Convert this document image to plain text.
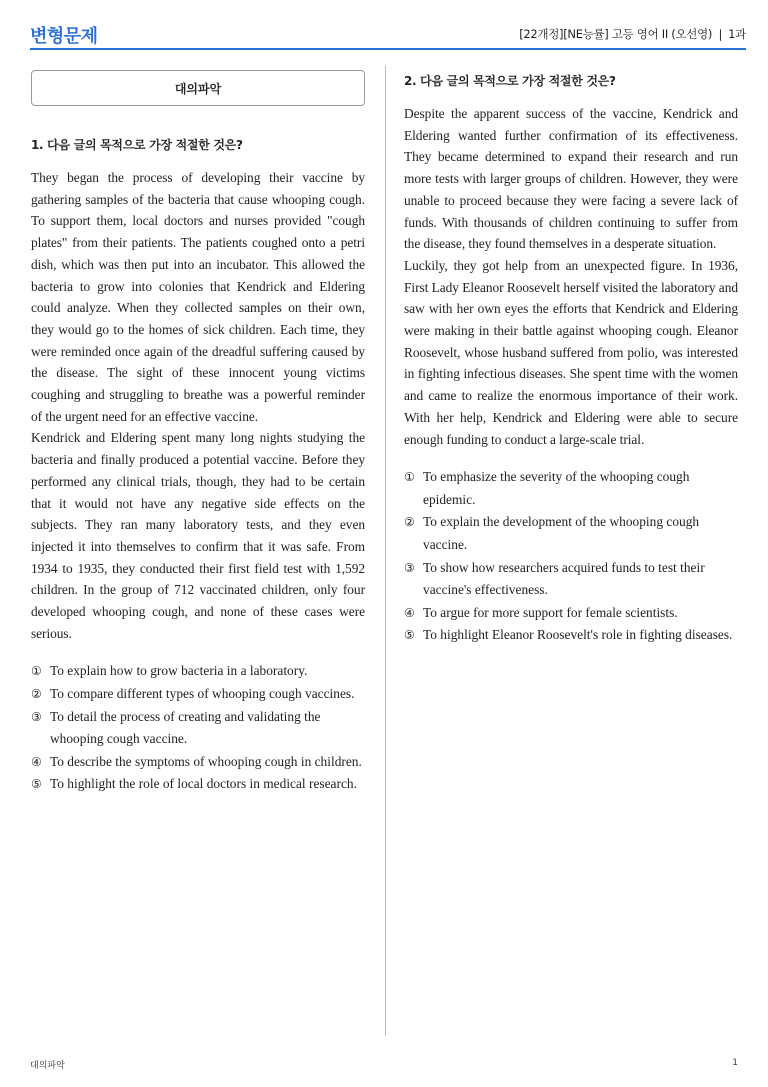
변형문제	[22개정][NE능률] 고등 영어 II (오선영) ❘ 1과
대의파악
1. 다음 글의 목적으로 가장 적절한 것은?

They began the process of developing their vaccine by gathering samples of the bacteria that cause whooping cough. To support them, local doctors and nurses provided "cough plates" from their patients. The patients coughed onto a petri dish, which was then put into an incubator. This allowed the bacteria to grow into colonies that Kendrick and Eldering could analyze. When they collected samples on their own, they would go to the homes of sick children. Each time, they were reminded once again of the dreadful suffering caused by the disease. The sight of these innocent young victims coughing and struggling to breathe was a powerful reminder of the urgent need for an effective vaccine.

Kendrick and Eldering spent many long nights studying the bacteria and finally produced a potential vaccine. Before they performed any clinical trials, though, they had to be certain that it would not have any negative side effects on the subjects. They ran many laboratory tests, and they even injected it into themselves to confirm that it was safe. From 1934 to 1935, they conducted their first field test with 1,592 children. In the group of 712 vaccinated children, only four developed whooping cough, and none of these cases were serious.

① To explain how to grow bacteria in a laboratory.
② To compare different types of whooping cough vaccines.
③ To detail the process of creating and validating the whooping cough vaccine.
④ To describe the symptoms of whooping cough in children.
⑤ To highlight the role of local doctors in medical research.
2. 다음 글의 목적으로 가장 적절한 것은?

Despite the apparent success of the vaccine, Kendrick and Eldering wanted further confirmation of its effectiveness. They became determined to expand their research and run more tests with larger groups of children. However, they were unable to proceed because they were facing a severe lack of funds. With thousands of children continuing to suffer from the disease, they found themselves in a desperate situation.

Luckily, they got help from an unexpected figure. In 1936, First Lady Eleanor Roosevelt herself visited the laboratory and saw with her own eyes the efforts that Kendrick and Eldering were making in their battle against whooping cough. Eleanor Roosevelt, whose husband suffered from polio, was interested in fighting infectious diseases. She spent time with the women and came to realize the enormous importance of their work. With her help, Kendrick and Eldering were able to secure enough funding to conduct a large-scale trial.

① To emphasize the severity of the whooping cough epidemic.
② To explain the development of the whooping cough vaccine.
③ To show how researchers acquired funds to test their vaccine's effectiveness.
④ To argue for more support for female scientists.
⑤ To highlight Eleanor Roosevelt's role in fighting diseases.
대의파악	1
